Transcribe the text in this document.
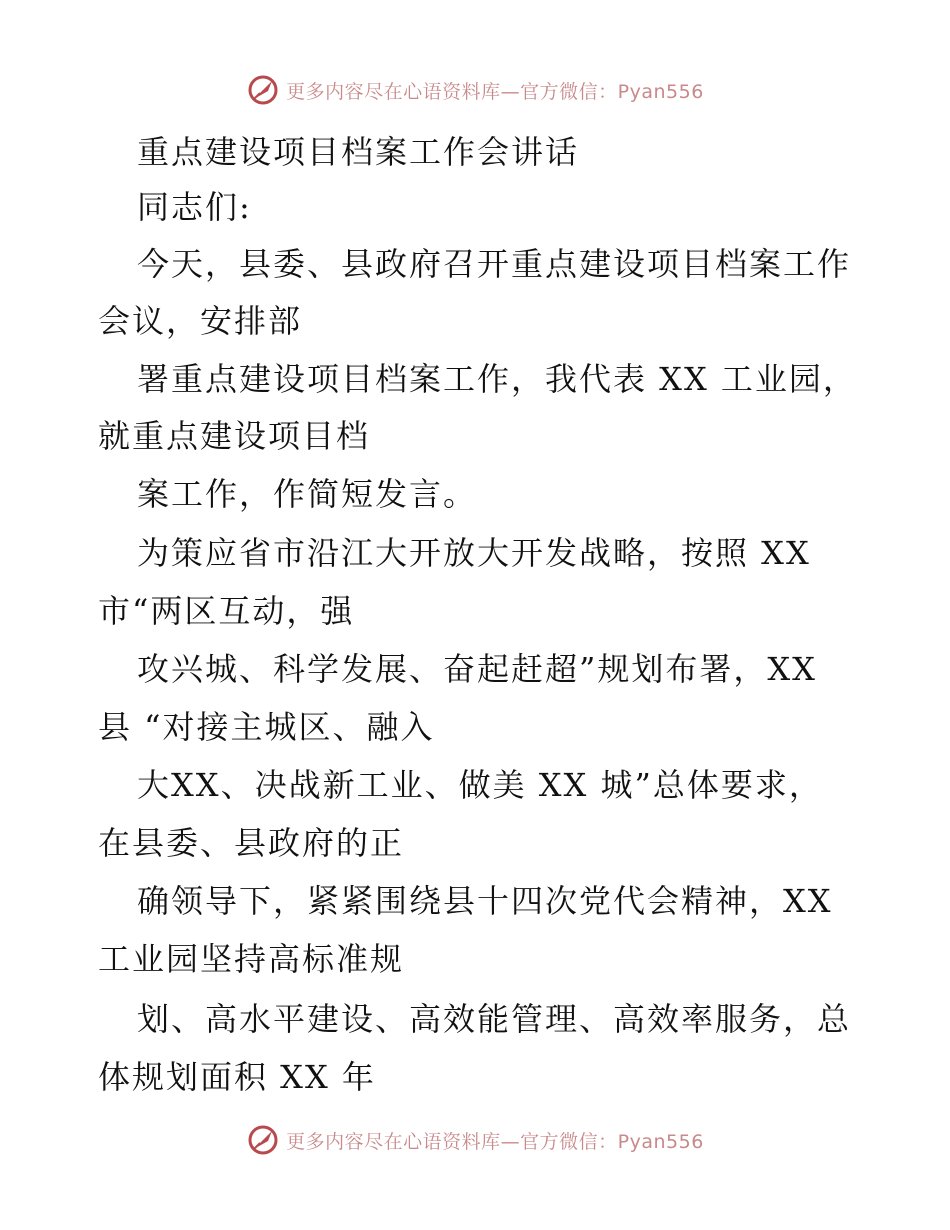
更多内容尽在心语资料库—官方微信：Pyan556
重点建设项目档案工作会讲话
同志们:
今天，县委、县政府召开重点建设项目档案工作
会议，安排部
署重点建设项目档案工作，我代表 XX 工业园，
就重点建设项目档
案工作，作简短发言。
为策应省市沿江大开放大开发战略，按照 XX
市“两区互动，强
攻兴城、科学发展、奋起赶超”规划布署，XX
县 “对接主城区、融入
大XX、决战新工业、做美 XX 城”总体要求，
在县委、县政府的正
确领导下，紧紧围绕县十四次党代会精神，XX
工业园坚持高标准规
划、高水平建设、高效能管理、高效率服务，总
体规划面积 XX 年
更多内容尽在心语资料库—官方微信：Pyan556
